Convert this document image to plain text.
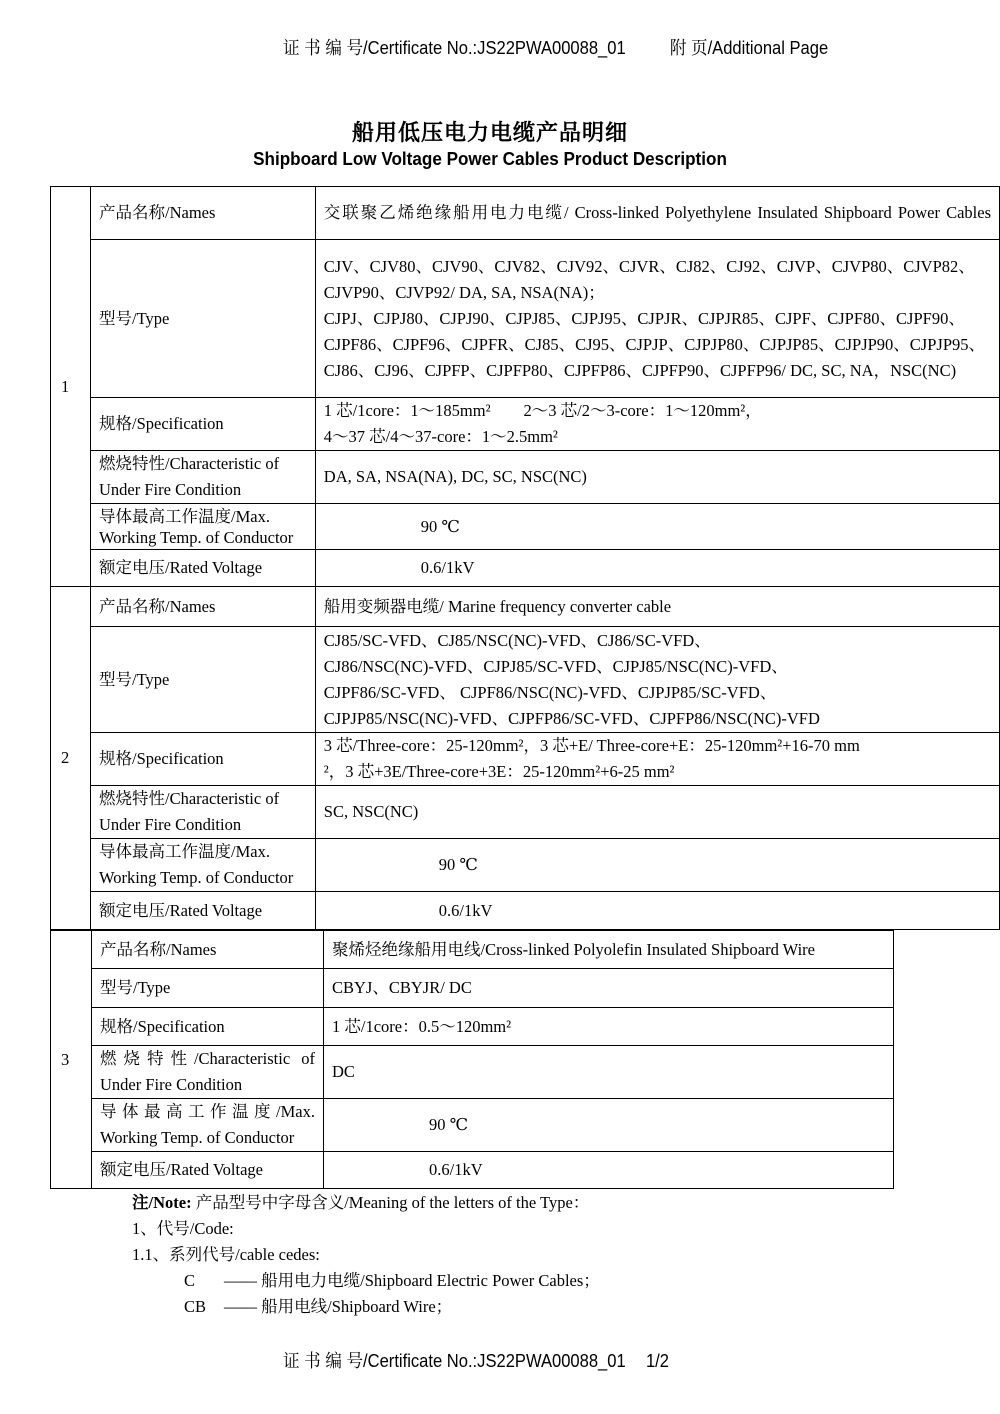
证 书 编 号/Certificate No.:JS22PWA00088_01 附 页/Additional Page
船用低压电力电缆产品明细
Shipboard Low Voltage Power Cables Product Description
1	产品名称/Names	交联聚乙烯绝缘船用电力电缆/ Cross-linked Polyethylene Insulated Shipboard Power Cables
	型号/Type	CJV、CJV80、CJV90、CJV82、CJV92、CJVR、CJ82、CJ92、CJVP、CJVP80、CJVP82、CJVP90、CJVP92/ DA, SA, NSA(NA)；
CJPJ、CJPJ80、CJPJ90、CJPJ85、CJPJ95、CJPJR、CJPJR85、CJPF、CJPF80、CJPF90、CJPF86、CJPF96、CJPFR、CJ85、CJ95、CJPJP、CJPJP80、CJPJP85、CJPJP90、CJPJP95、CJ86、CJ96、CJPFP、CJPFP80、CJPFP86、CJPFP90、CJPFP96/ DC, SC, NA，NSC(NC)

	规格/Specification	1 芯/1core：1～185mm²　　2～3 芯/2～3-core：1～120mm²，
4～37 芯/4～37-core：1～2.5mm²

	燃烧特性/Characteristic of
Under Fire Condition	DA, SA, NSA(NA), DC, SC, NSC(NC)

	导体最高工作温度/Max.
Working Temp. of Conductor	90 ℃
	额定电压/Rated Voltage	0.6/1kV
2	产品名称/Names	船用变频器电缆/ Marine frequency converter cable
	型号/Type	CJ85/SC-VFD、CJ85/NSC(NC)-VFD、CJ86/SC-VFD、
CJ86/NSC(NC)-VFD、CJPJ85/SC-VFD、CJPJ85/NSC(NC)-VFD、
CJPF86/SC-VFD、 CJPF86/NSC(NC)-VFD、CJPJP85/SC-VFD、
CJPJP85/NSC(NC)-VFD、CJPFP86/SC-VFD、CJPFP86/NSC(NC)-VFD

	规格/Specification	3 芯/Three-core：25-120mm²，3 芯+E/ Three-core+E：25-120mm²+16-70 mm
²，3 芯+3E/Three-core+3E：25-120mm²+6-25 mm²

	燃烧特性/Characteristic of
Under Fire Condition	SC, NSC(NC)

	导体最高工作温度/Max.
Working Temp. of Conductor	90 ℃
	额定电压/Rated Voltage	0.6/1kV
3	产品名称/Names	聚烯烃绝缘船用电线/Cross-linked Polyolefin Insulated Shipboard Wire
	型号/Type	CBYJ、CBYJR/ DC
	规格/Specification	1 芯/1core：0.5～120mm²

	燃烧特性/Characteristic of
Under Fire Condition	DC

	导体最高工作温度/Max.
Working Temp. of Conductor	90 ℃
	额定电压/Rated Voltage	0.6/1kV
注/Note: 产品型号中字母含义/Meaning of the letters of the Type：
1、代号/Code:
1.1、系列代号/cable cedes:
C —— 船用电力电缆/Shipboard Electric Power Cables；
CB —— 船用电线/Shipboard Wire；
证 书 编 号/Certificate No.:JS22PWA00088_01 1/2
